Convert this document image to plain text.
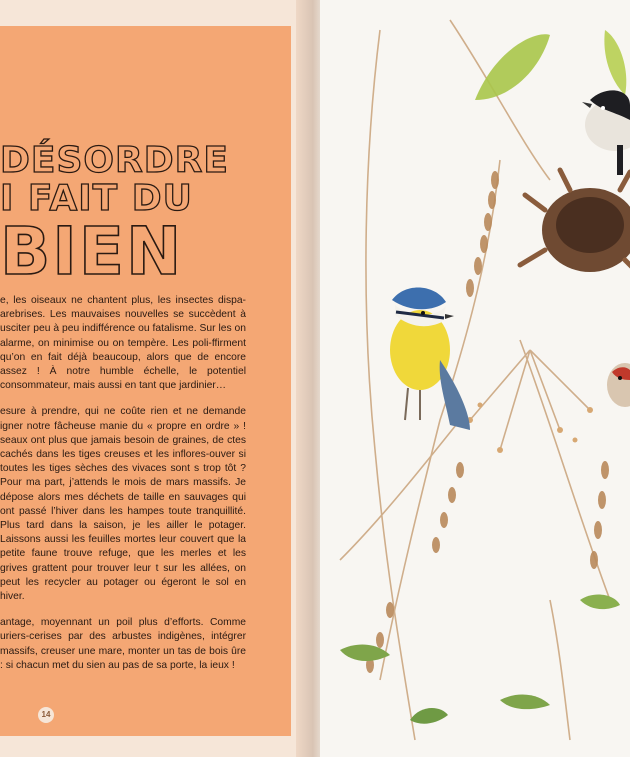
DÉSORDRE
I FAIT DU
BIEN

e, les oiseaux ne chantent plus, les insectes dispa-arebrises. Les mauvaises nouvelles se succèdent à usciter peu à peu indifférence ou fatalisme. Sur les on alarme, on minimise ou on tempère. Les poli-ffirment qu’on en fait déjà beaucoup, alors que de encore assez ! À notre humble échelle, le potentiel consommateur, mais aussi en tant que jardinier…

esure à prendre, qui ne coûte rien et ne demande igner notre fâcheuse manie du « propre en ordre » ! seaux ont plus que jamais besoin de graines, de ctes cachés dans les tiges creuses et les inflores-ouver si toutes les tiges sèches des vivaces sont s trop tôt ? Pour ma part, j’attends le mois de mars massifs. Je dépose alors mes déchets de taille en sauvages qui ont passé l’hiver dans les hampes toute tranquillité. Plus tard dans la saison, je les ailler le potager. Laissons aussi les feuilles mortes leur couvert que la petite faune trouve refuge, que les merles et les grives grattent pour trouver leur t sur les allées, on peut les recycler au potager ou égeront le sol en hiver.

antage, moyennant un poil plus d’efforts. Comme uriers-cerises par des arbustes indigènes, intégrer massifs, creuser une mare, monter un tas de bois ûre : si chacun met du sien au pas de sa porte, la ieux !

14
